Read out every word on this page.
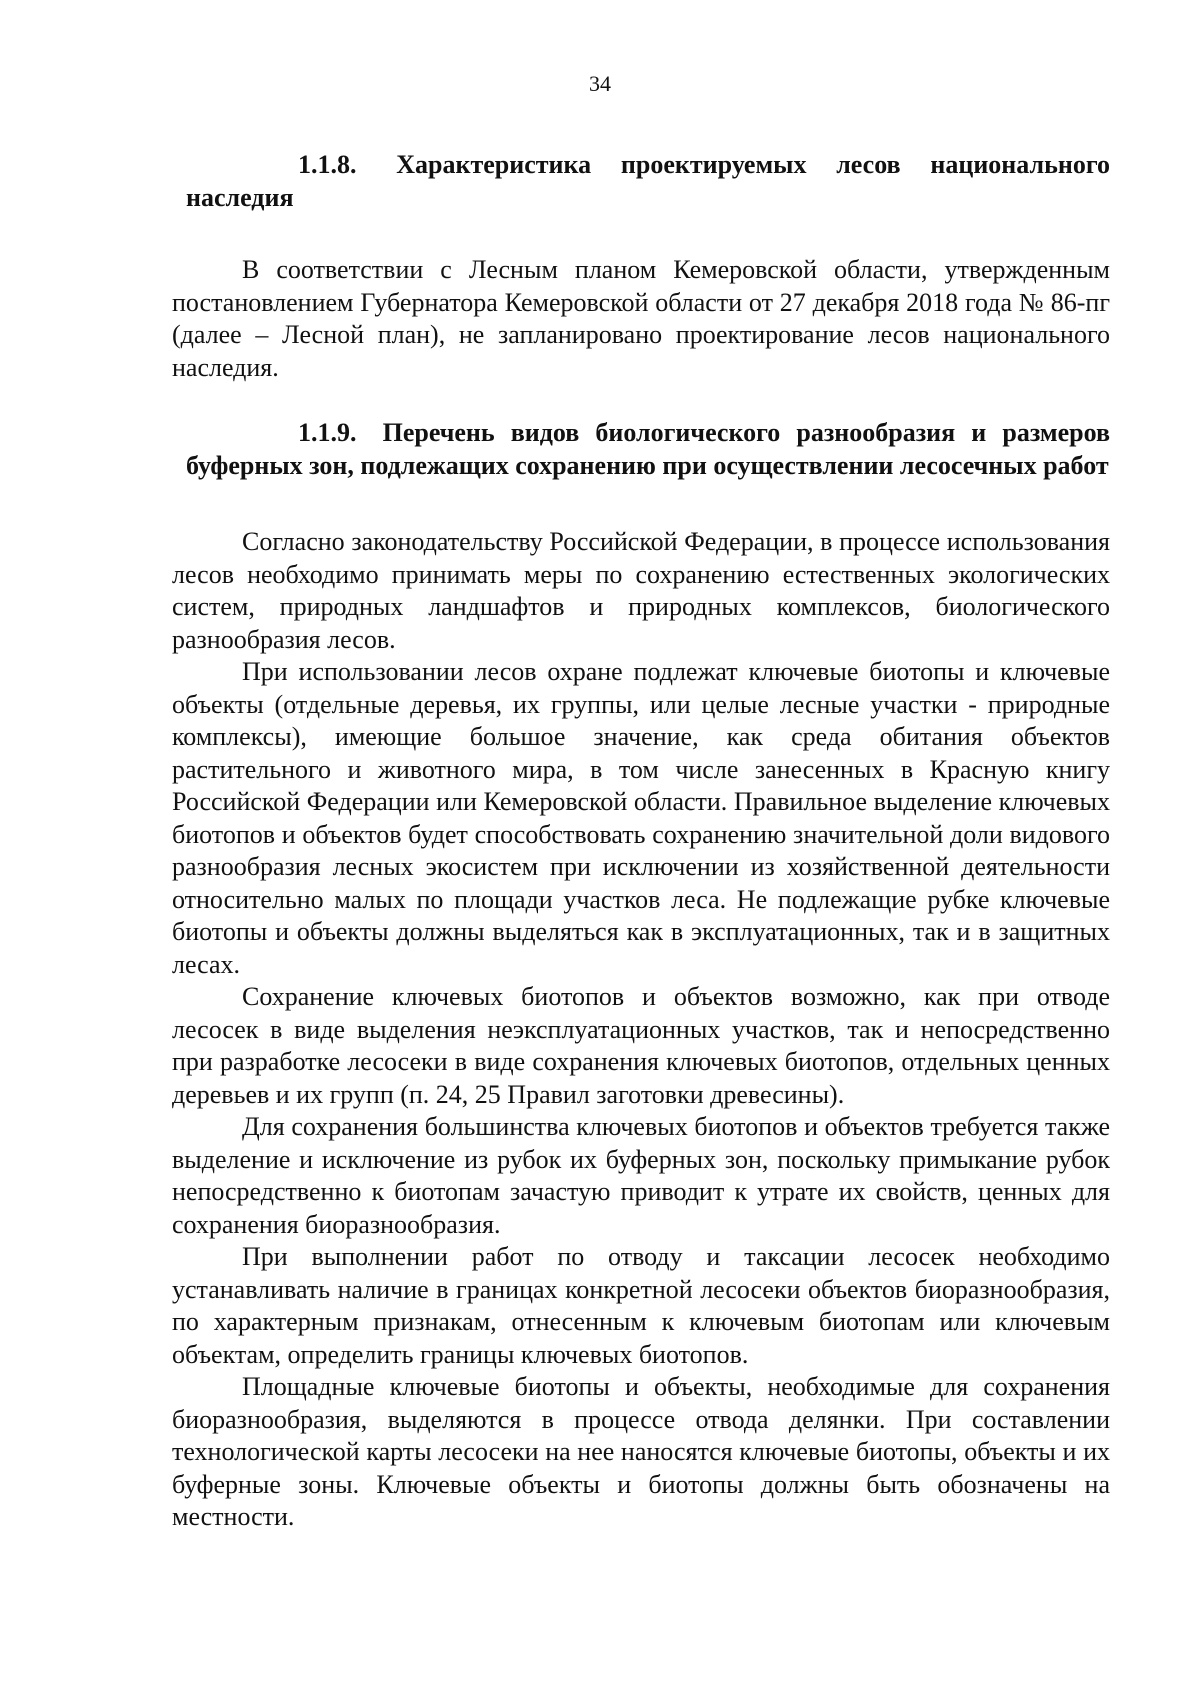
34
1.1.8. Характеристика проектируемых лесов национального наследия

В соответствии с Лесным планом Кемеровской области, утвержденным постановлением Губернатора Кемеровской области от 27 декабря 2018 года № 86-пг (далее – Лесной план), не запланировано проектирование лесов национального наследия.

1.1.9. Перечень видов биологического разнообразия и размеров буферных зон, подлежащих сохранению при осуществлении лесосечных работ

Согласно законодательству Российской Федерации, в процессе использования лесов необходимо принимать меры по сохранению естественных экологических систем, природных ландшафтов и природных комплексов, биологического разнообразия лесов.

При использовании лесов охране подлежат ключевые биотопы и ключевые объекты (отдельные деревья, их группы, или целые лесные участки - природные комплексы), имеющие большое значение, как среда обитания объектов растительного и животного мира, в том числе занесенных в Красную книгу Российской Федерации или Кемеровской области. Правильное выделение ключевых биотопов и объектов будет способствовать сохранению значительной доли видового разнообразия лесных экосистем при исключении из хозяйственной деятельности относительно малых по площади участков леса. Не подлежащие рубке ключевые биотопы и объекты должны выделяться как в эксплуатационных, так и в защитных лесах.

Сохранение ключевых биотопов и объектов возможно, как при отводе лесосек в виде выделения неэксплуатационных участков, так и непосредственно при разработке лесосеки в виде сохранения ключевых биотопов, отдельных ценных деревьев и их групп (п. 24, 25 Правил заготовки древесины).

Для сохранения большинства ключевых биотопов и объектов требуется также выделение и исключение из рубок их буферных зон, поскольку примыкание рубок непосредственно к биотопам зачастую приводит к утрате их свойств, ценных для сохранения биоразнообразия.

При выполнении работ по отводу и таксации лесосек необходимо устанавливать наличие в границах конкретной лесосеки объектов биоразнообразия, по характерным признакам, отнесенным к ключевым биотопам или ключевым объектам, определить границы ключевых биотопов.

Площадные ключевые биотопы и объекты, необходимые для сохранения биоразнообразия, выделяются в процессе отвода делянки. При составлении технологической карты лесосеки на нее наносятся ключевые биотопы, объекты и их буферные зоны. Ключевые объекты и биотопы должны быть обозначены на местности.
